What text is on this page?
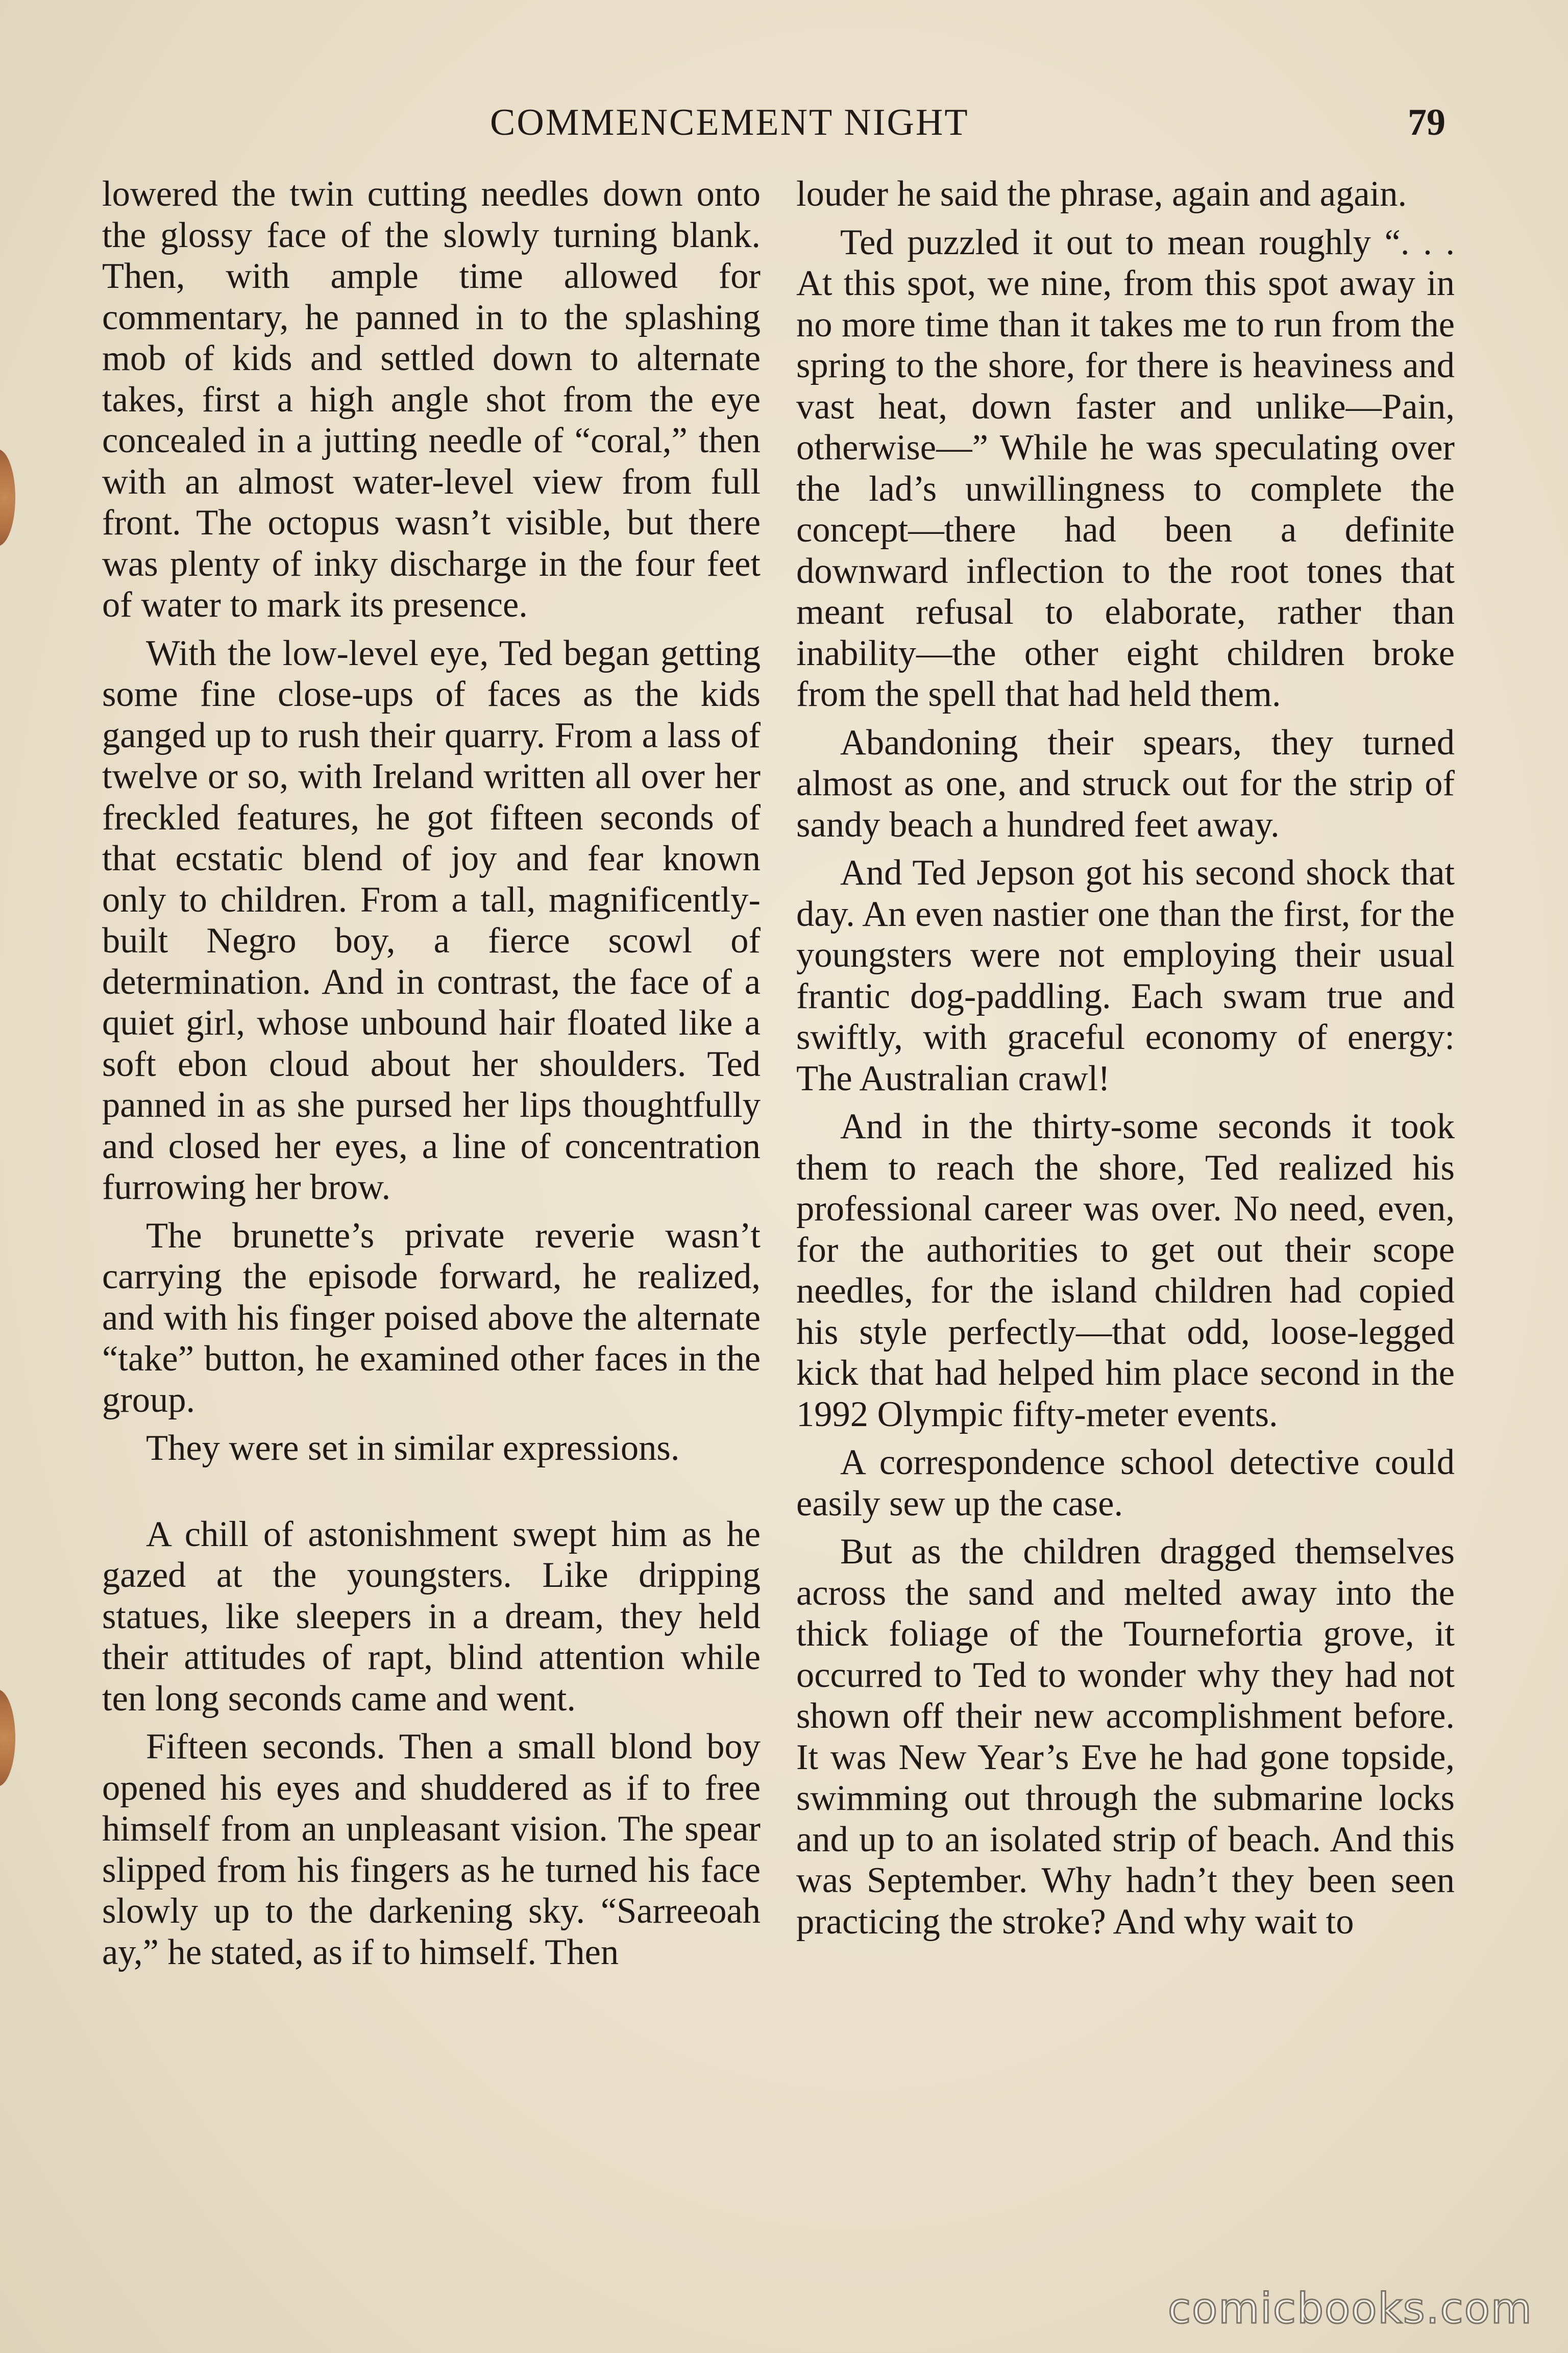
COMMENCEMENT NIGHT	79

lowered the twin cutting needles down onto the glossy face of the slowly turning blank. Then, with ample time allowed for commentary, he panned in to the splashing mob of kids and settled down to alternate takes, first a high angle shot from the eye concealed in a jutting needle of “coral,” then with an almost water-level view from full front. The octopus wasn’t visible, but there was plenty of inky discharge in the four feet of water to mark its presence.

With the low-level eye, Ted began getting some fine close-ups of faces as the kids ganged up to rush their quarry. From a lass of twelve or so, with Ireland written all over her freckled features, he got fifteen seconds of that ecstatic blend of joy and fear known only to children. From a tall, magnificently-built Negro boy, a fierce scowl of determination. And in contrast, the face of a quiet girl, whose unbound hair floated like a soft ebon cloud about her shoulders. Ted panned in as she pursed her lips thoughtfully and closed her eyes, a line of concentration furrowing her brow.

The brunette’s private reverie wasn’t carrying the episode forward, he realized, and with his finger poised above the alternate “take” button, he examined other faces in the group.

They were set in similar expressions.

A chill of astonishment swept him as he gazed at the youngsters. Like dripping statues, like sleepers in a dream, they held their attitudes of rapt, blind attention while ten long seconds came and went.

Fifteen seconds. Then a small blond boy opened his eyes and shuddered as if to free himself from an unpleasant vision. The spear slipped from his fingers as he turned his face slowly up to the darkening sky. “Sarreeoah ay,” he stated, as if to himself. Then

louder he said the phrase, again and again.

Ted puzzled it out to mean roughly “. . . At this spot, we nine, from this spot away in no more time than it takes me to run from the spring to the shore, for there is heaviness and vast heat, down faster and unlike—Pain, otherwise—” While he was speculating over the lad’s unwillingness to complete the concept—there had been a definite downward inflection to the root tones that meant refusal to elaborate, rather than inability—the other eight children broke from the spell that had held them.

Abandoning their spears, they turned almost as one, and struck out for the strip of sandy beach a hundred feet away.

And Ted Jepson got his second shock that day. An even nastier one than the first, for the youngsters were not employing their usual frantic dog-paddling. Each swam true and swiftly, with graceful economy of energy: The Australian crawl!

And in the thirty-some seconds it took them to reach the shore, Ted realized his professional career was over. No need, even, for the authorities to get out their scope needles, for the island children had copied his style perfectly—that odd, loose-legged kick that had helped him place second in the 1992 Olympic fifty-meter events.

A correspondence school detective could easily sew up the case.

But as the children dragged themselves across the sand and melted away into the thick foliage of the Tournefortia grove, it occurred to Ted to wonder why they had not shown off their new accomplishment before. It was New Year’s Eve he had gone topside, swimming out through the submarine locks and up to an isolated strip of beach. And this was September. Why hadn’t they been seen practicing the stroke? And why wait to

comicbooks.com
